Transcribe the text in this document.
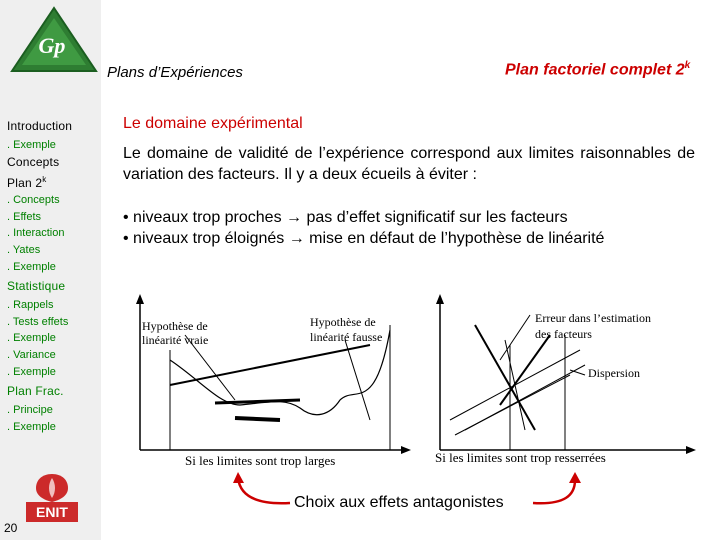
Gp
Plans d’Expériences	Plan factoriel complet 2$^k$
Introduction
. Exemple
Concepts
Plan 2$^k$
. Concepts
. Effets
. Interaction
. Yates
. Exemple
Statistique
. Rappels
. Tests effets
. Exemple
. Variance
. Exemple
Plan Frac.
. Principe
. Exemple
Le domaine expérimental
Le domaine de validité de l’expérience correspond aux limites raisonnables de variation des facteurs. Il y a deux écueils à éviter :
• niveaux trop proches → pas d’effet significatif sur les facteurs
• niveaux trop éloignés → mise en défaut de l’hypothèse de linéarité
Hypothèse de
linéarité vraie
Hypothèse de
linéarité fausse
Si les limites sont trop larges
Erreur dans l’estimation
des facteurs
Dispersion
Si les limites sont trop resserrées
Choix aux effets antagonistes
ENIT
20
